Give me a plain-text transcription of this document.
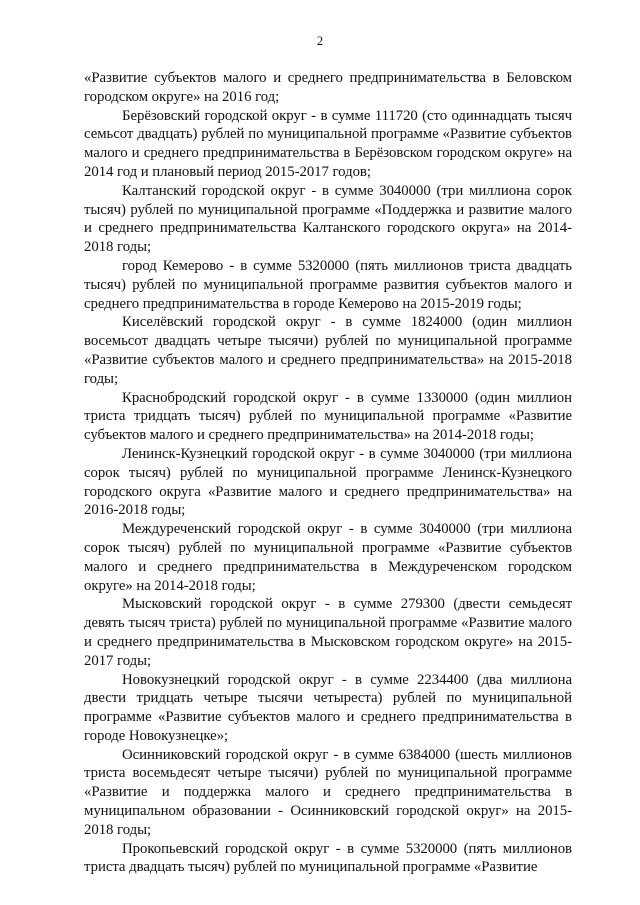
2

«Развитие субъектов малого и среднего предпринимательства в Беловском городском округе» на 2016 год;

Берёзовский городской округ - в сумме 111720 (сто одиннадцать тысяч семьсот двадцать) рублей по муниципальной программе «Развитие субъектов малого и среднего предпринимательства в Берёзовском городском округе» на 2014 год и плановый период 2015-2017 годов;

Калтанский городской округ - в сумме 3040000 (три миллиона сорок тысяч) рублей по муниципальной программе «Поддержка и развитие малого и среднего предпринимательства Калтанского городского округа» на 2014-2018 годы;

город Кемерово - в сумме 5320000 (пять миллионов триста двадцать тысяч) рублей по муниципальной программе развития субъектов малого и среднего предпринимательства в городе Кемерово на 2015-2019 годы;

Киселёвский городской округ - в сумме 1824000 (один миллион восемьсот двадцать четыре тысячи) рублей по муниципальной программе «Развитие субъектов малого и среднего предпринимательства» на 2015-2018 годы;

Краснобродский городской округ - в сумме 1330000 (один миллион триста тридцать тысяч) рублей по муниципальной программе «Развитие субъектов малого и среднего предпринимательства» на 2014-2018 годы;

Ленинск-Кузнецкий городской округ - в сумме 3040000 (три миллиона сорок тысяч) рублей по муниципальной программе Ленинск-Кузнецкого городского округа «Развитие малого и среднего предпринимательства» на 2016-2018 годы;

Междуреченский городской округ - в сумме 3040000 (три миллиона сорок тысяч) рублей по муниципальной программе «Развитие субъектов малого и среднего предпринимательства в Междуреченском городском округе» на 2014-2018 годы;

Мысковский городской округ - в сумме 279300 (двести семьдесят девять тысяч триста) рублей по муниципальной программе «Развитие малого и среднего предпринимательства в Мысковском городском округе» на 2015-2017 годы;

Новокузнецкий городской округ - в сумме 2234400 (два миллиона двести тридцать четыре тысячи четыреста) рублей по муниципальной программе «Развитие субъектов малого и среднего предпринимательства в городе Новокузнецке»;

Осинниковский городской округ - в сумме 6384000 (шесть миллионов триста восемьдесят четыре тысячи) рублей по муниципальной программе «Развитие и поддержка малого и среднего предпринимательства в муниципальном образовании - Осинниковский городской округ» на 2015-2018 годы;

Прокопьевский городской округ - в сумме 5320000 (пять миллионов триста двадцать тысяч) рублей по муниципальной программе «Развитие
